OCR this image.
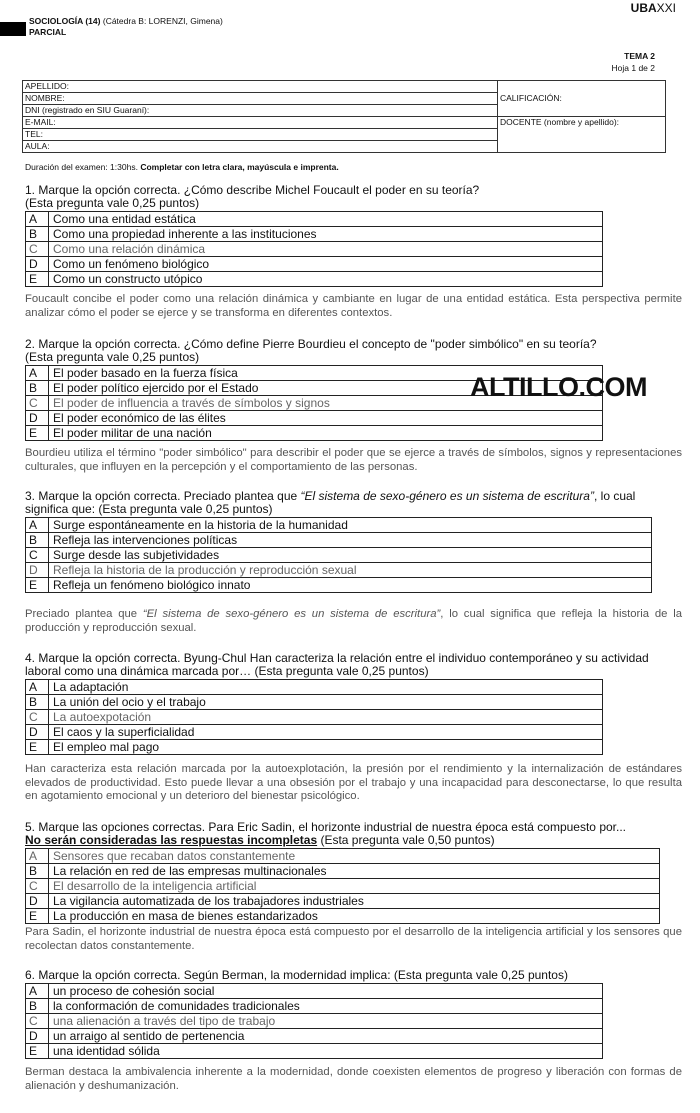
SOCIOLOGÍA (14) (Cátedra B: LORENZI, Gimena)
PARCIAL
UBAXXI
TEMA 2
Hoja 1 de 2
APELLIDO:	CALIFICACIÓN:
NOMBRE:	
DNI (registrado en SIU Guaraní):	
E-MAIL:	DOCENTE (nombre y apellido):
TEL:	
AULA:	
Duración del examen: 1:30hs. Completar con letra clara, mayúscula e imprenta.
1. Marque la opción correcta. ¿Cómo describe Michel Foucault el poder en su teoría?
(Esta pregunta vale 0,25 puntos)
A	Como una entidad estática
B	Como una propiedad inherente a las instituciones
C	Como una relación dinámica
D	Como un fenómeno biológico
E	Como un constructo utópico
Foucault concibe el poder como una relación dinámica y cambiante en lugar de una entidad estática. Esta perspectiva permite analizar cómo el poder se ejerce y se transforma en diferentes contextos.
2. Marque la opción correcta. ¿Cómo define Pierre Bourdieu el concepto de "poder simbólico" en su teoría?
(Esta pregunta vale 0,25 puntos)
A	El poder basado en la fuerza física
B	El poder político ejercido por el Estado
C	El poder de influencia a través de símbolos y signos
D	El poder económico de las élites
E	El poder militar de una nación
Bourdieu utiliza el término "poder simbólico" para describir el poder que se ejerce a través de símbolos, signos y representaciones culturales, que influyen en la percepción y el comportamiento de las personas.
3. Marque la opción correcta. Preciado plantea que “El sistema de sexo-género es un sistema de escritura”, lo cual
significa que: (Esta pregunta vale 0,25 puntos)
A	Surge espontáneamente en la historia de la humanidad
B	Refleja las intervenciones políticas
C	Surge desde las subjetividades
D	Refleja la historia de la producción y reproducción sexual
E	Refleja un fenómeno biológico innato
Preciado plantea que “El sistema de sexo-género es un sistema de escritura”, lo cual significa que refleja la historia de la producción y reproducción sexual.
4. Marque la opción correcta. Byung-Chul Han caracteriza la relación entre el individuo contemporáneo y su actividad
laboral como una dinámica marcada por… (Esta pregunta vale 0,25 puntos)
A	La adaptación
B	La unión del ocio y el trabajo
C	La autoexpotación
D	El caos y la superficialidad
E	El empleo mal pago
Han caracteriza esta relación marcada por la autoexplotación, la presión por el rendimiento y la internalización de estándares elevados de productividad. Esto puede llevar a una obsesión por el trabajo y una incapacidad para desconectarse, lo que resulta en agotamiento emocional y un deterioro del bienestar psicológico.
5. Marque las opciones correctas. Para Eric Sadin, el horizonte industrial de nuestra época está compuesto por...
No serán consideradas las respuestas incompletas (Esta pregunta vale 0,50 puntos)
A	Sensores que recaban datos constantemente
B	La relación en red de las empresas multinacionales
C	El desarrollo de la inteligencia artificial
D	La vigilancia automatizada de los trabajadores industriales
E	La producción en masa de bienes estandarizados
Para Sadin, el horizonte industrial de nuestra época está compuesto por el desarrollo de la inteligencia artificial y los sensores que recolectan datos constantemente.
6. Marque la opción correcta. Según Berman, la modernidad implica: (Esta pregunta vale 0,25 puntos)
A	un proceso de cohesión social
B	la conformación de comunidades tradicionales
C	una alienación a través del tipo de trabajo
D	un arraigo al sentido de pertenencia
E	una identidad sólida
Berman destaca la ambivalencia inherente a la modernidad, donde coexisten elementos de progreso y liberación con formas de alienación y deshumanización.
ALTILLO.COM
